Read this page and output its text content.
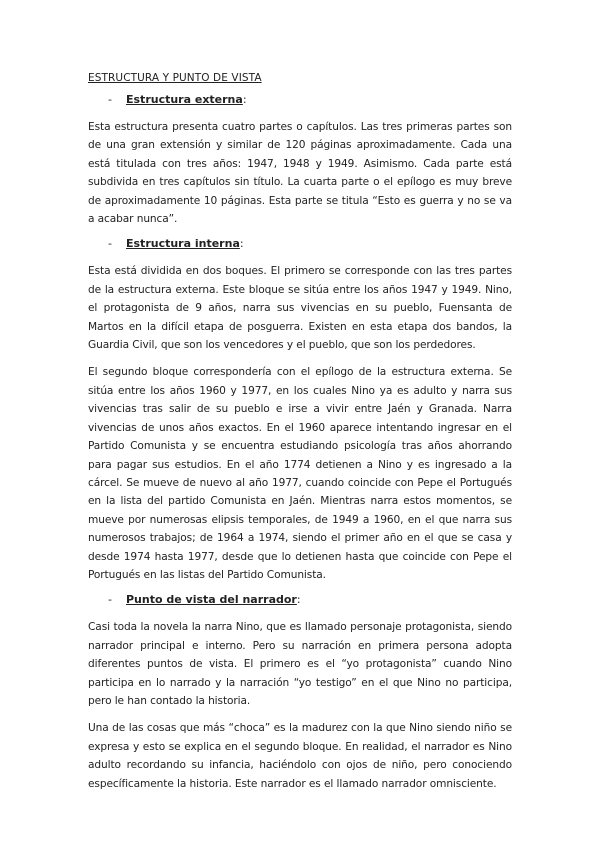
ESTRUCTURA Y PUNTO DE VISTA
-	Estructura externa :

Esta estructura presenta cuatro partes o capítulos. Las tres primeras partes son de una gran extensión y similar de 120 páginas aproximadamente. Cada una está titulada con tres años: 1947, 1948 y 1949. Asimismo. Cada parte está subdivida en tres capítulos sin título. La cuarta parte o el epílogo es muy breve de aproximadamente 10 páginas. Esta parte se titula “Esto es guerra y no se va a acabar nunca”.

-	Estructura interna :

Esta está dividida en dos boques. El primero se corresponde con las tres partes de la estructura externa. Este bloque se sitúa entre los años 1947 y 1949. Nino, el protagonista de 9 años, narra sus vivencias en su pueblo, Fuensanta de Martos en la difícil etapa de posguerra. Existen en esta etapa dos bandos, la Guardia Civil, que son los vencedores y el pueblo, que son los perdedores.

El segundo bloque correspondería con el epílogo de la estructura externa. Se sitúa entre los años 1960 y 1977, en los cuales Nino ya es adulto y narra sus vivencias tras salir de su pueblo e irse a vivir entre Jaén y Granada. Narra vivencias de unos años exactos. En el 1960 aparece intentando ingresar en el Partido Comunista y se encuentra estudiando psicología tras años ahorrando para pagar sus estudios. En el año 1774 detienen a Nino y es ingresado a la cárcel. Se mueve de nuevo al año 1977, cuando coincide con Pepe el Portugués en la lista del partido Comunista en Jaén. Mientras narra estos momentos, se mueve por numerosas elipsis temporales, de 1949 a 1960, en el que narra sus numerosos trabajos; de 1964 a 1974, siendo el primer año en el que se casa y desde 1974 hasta 1977, desde que lo detienen hasta que coincide con Pepe el Portugués en las listas del Partido Comunista.

-	Punto de vista del narrador :

Casi toda la novela la narra Nino, que es llamado personaje protagonista, siendo narrador principal e interno. Pero su narración en primera persona adopta diferentes puntos de vista. El primero es el “yo protagonista” cuando Nino participa en lo narrado y la narración “yo testigo” en el que Nino no participa, pero le han contado la historia.

Una de las cosas que más “choca” es la madurez con la que Nino siendo niño se expresa y esto se explica en el segundo bloque. En realidad, el narrador es Nino adulto recordando su infancia, haciéndolo con ojos de niño, pero conociendo específicamente la historia. Este narrador es el llamado narrador omnisciente.
